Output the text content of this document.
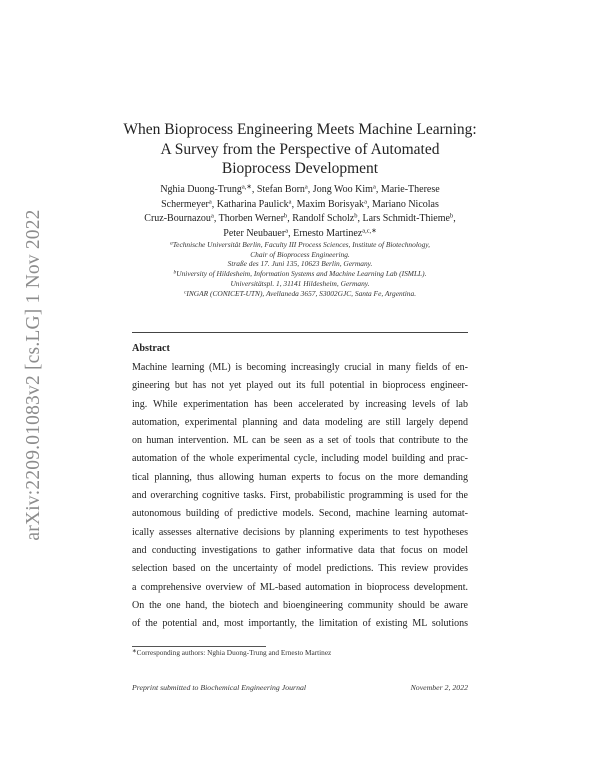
arXiv:2209.01083v2 [cs.LG] 1 Nov 2022
When Bioprocess Engineering Meets Machine Learning:
A Survey from the Perspective of Automated
Bioprocess Development
Nghia Duong-Trung$^{a,∗}$, Stefan Born$^a$, Jong Woo Kim$^a$, Marie-Therese
Schermeyer$^a$, Katharina Paulick$^a$, Maxim Borisyak$^a$, Mariano Nicolas
Cruz-Bournazou$^a$, Thorben Werner$^b$, Randolf Scholz$^b$, Lars Schmidt-Thieme$^b$,
Peter Neubauer$^a$, Ernesto Martinez$^{a,c,∗}$
$^a$Technische Universität Berlin, Faculty III Process Sciences, Institute of Biotechnology,
Chair of Bioprocess Engineering.
Straße des 17. Juni 135, 10623 Berlin, Germany.
$^b$University of Hildesheim, Information Systems and Machine Learning Lab (ISMLL).
Universitätspl. 1, 31141 Hildesheim, Germany.
$^c$INGAR (CONICET-UTN), Avellaneda 3657, S3002GJC, Santa Fe, Argentina.
Abstract
Machine learning (ML) is becoming increasingly crucial in many fields of en-
gineering but has not yet played out its full potential in bioprocess engineer-
ing. While experimentation has been accelerated by increasing levels of lab
automation, experimental planning and data modeling are still largely depend
on human intervention. ML can be seen as a set of tools that contribute to the
automation of the whole experimental cycle, including model building and prac-
tical planning, thus allowing human experts to focus on the more demanding
and overarching cognitive tasks. First, probabilistic programming is used for the
autonomous building of predictive models. Second, machine learning automat-
ically assesses alternative decisions by planning experiments to test hypotheses
and conducting investigations to gather informative data that focus on model
selection based on the uncertainty of model predictions. This review provides
a comprehensive overview of ML-based automation in bioprocess development.
On the one hand, the biotech and bioengineering community should be aware
of the potential and, most importantly, the limitation of existing ML solutions
∗Corresponding authors: Nghia Duong-Trung and Ernesto Martinez
Preprint submitted to Biochemical Engineering Journal	November 2, 2022
